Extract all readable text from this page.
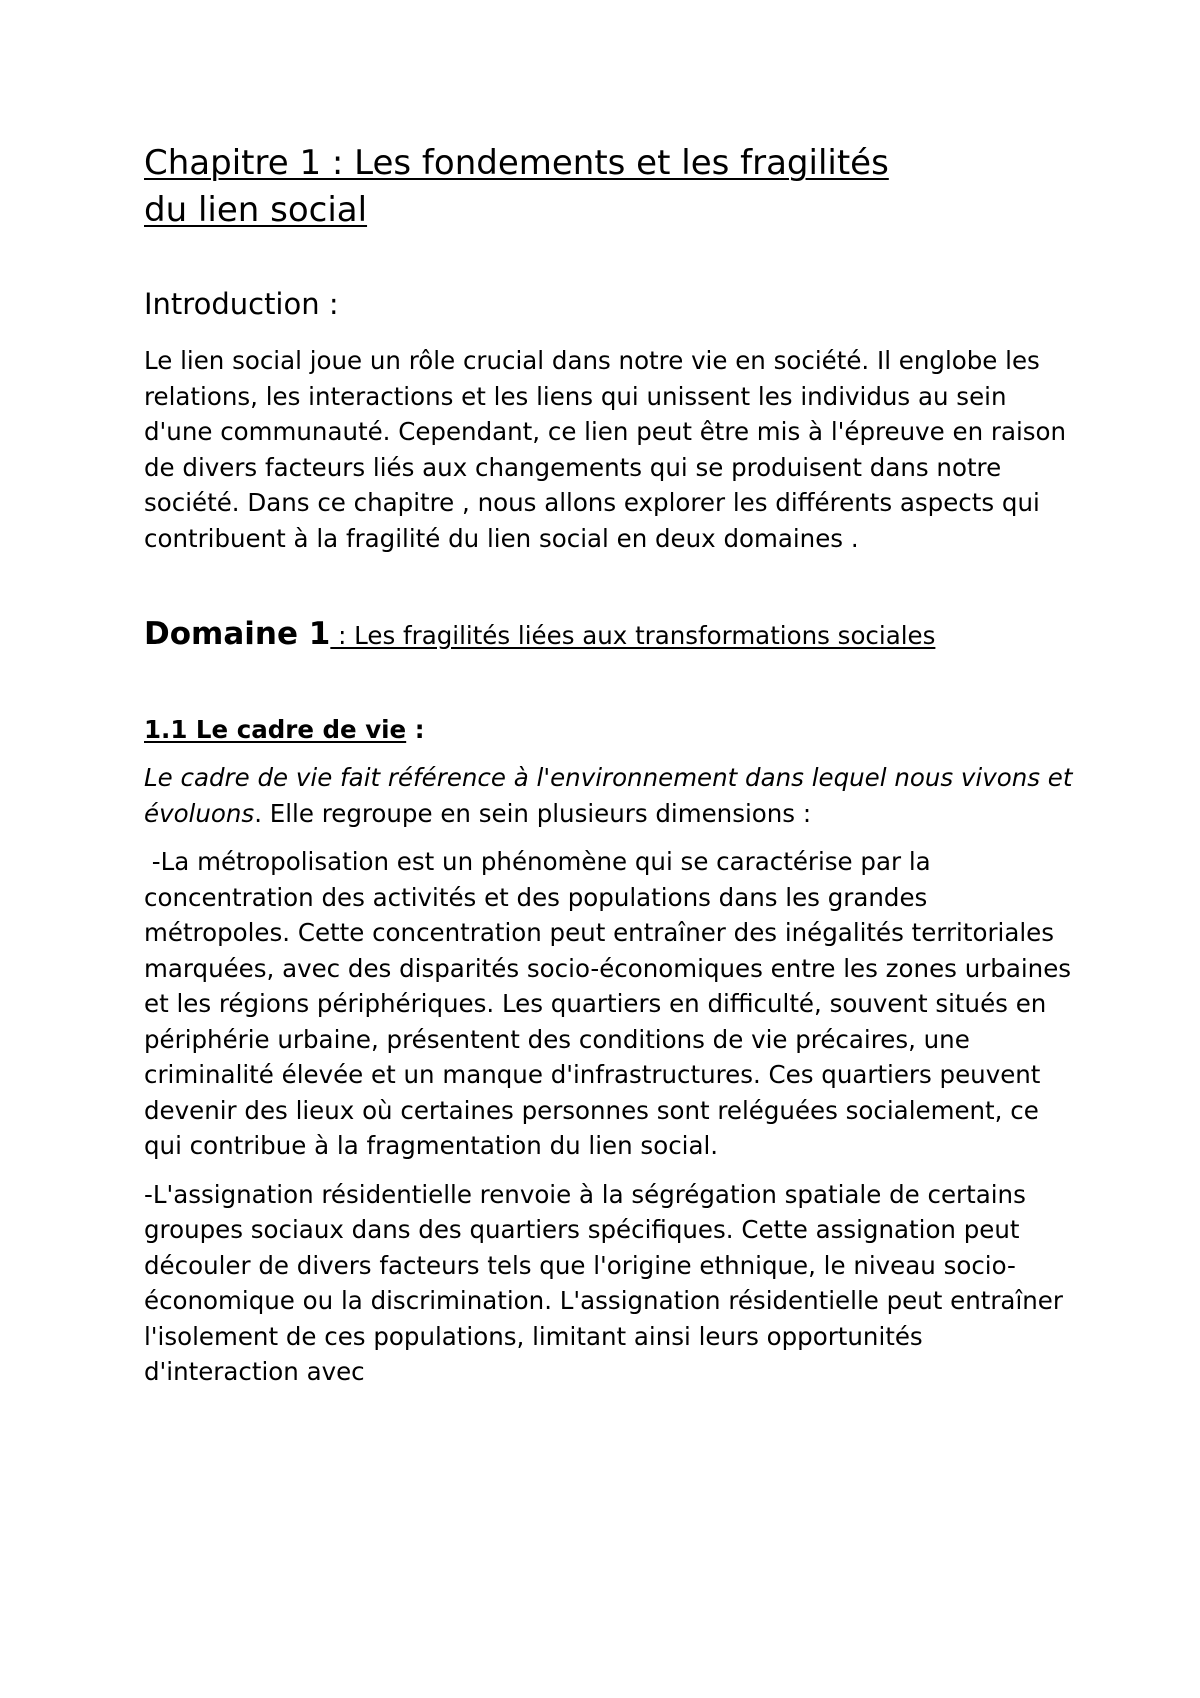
Chapitre 1 : Les fondements et les fragilités
du lien social
Introduction :

Le lien social joue un rôle crucial dans notre vie en société. Il englobe les relations, les interactions et les liens qui unissent les individus au sein d'une communauté. Cependant, ce lien peut être mis à l'épreuve en raison de divers facteurs liés aux changements qui se produisent dans notre société. Dans ce chapitre , nous allons explorer les différents aspects qui contribuent à la fragilité du lien social en deux domaines .

Domaine 1 : Les fragilités liées aux transformations sociales
1.1 Le cadre de vie :

Le cadre de vie fait référence à l'environnement dans lequel nous vivons et évoluons. Elle regroupe en sein plusieurs dimensions :

-La métropolisation est un phénomène qui se caractérise par la concentration des activités et des populations dans les grandes métropoles. Cette concentration peut entraîner des inégalités territoriales marquées, avec des disparités socio-économiques entre les zones urbaines et les régions périphériques. Les quartiers en difficulté, souvent situés en périphérie urbaine, présentent des conditions de vie précaires, une criminalité élevée et un manque d'infrastructures. Ces quartiers peuvent devenir des lieux où certaines personnes sont reléguées socialement, ce qui contribue à la fragmentation du lien social.

-L'assignation résidentielle renvoie à la ségrégation spatiale de certains groupes sociaux dans des quartiers spécifiques. Cette assignation peut découler de divers facteurs tels que l'origine ethnique, le niveau socio-économique ou la discrimination. L'assignation résidentielle peut entraîner l'isolement de ces populations, limitant ainsi leurs opportunités d'interaction avec
